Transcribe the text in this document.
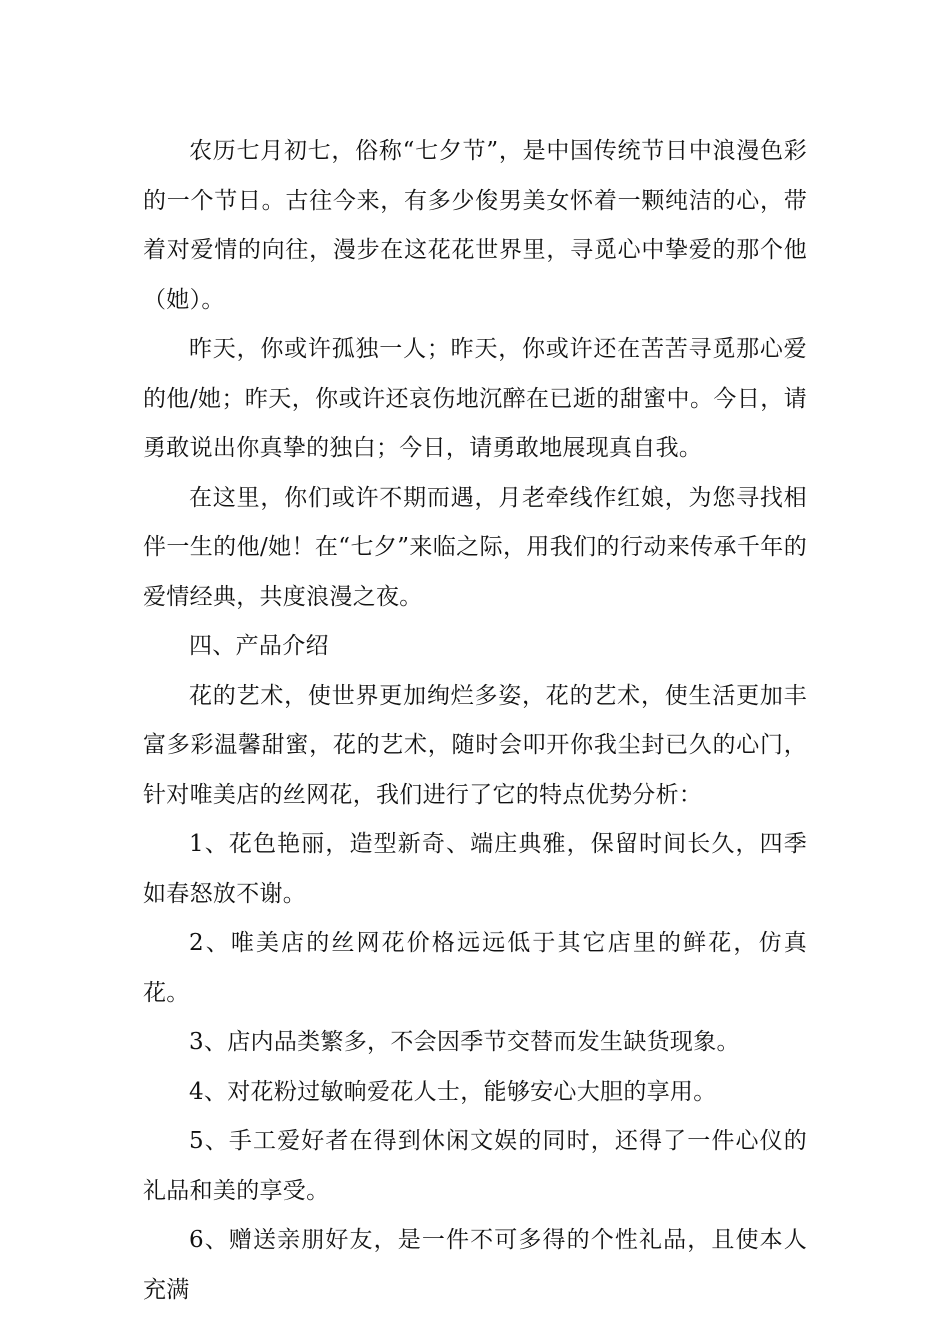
农历七月初七，俗称“七夕节”，是中国传统节日中浪漫色彩的一个节日。古往今来，有多少俊男美女怀着一颗纯洁的心，带着对爱情的向往，漫步在这花花世界里，寻觅心中挚爱的那个他（她）。

昨天，你或许孤独一人；昨天，你或许还在苦苦寻觅那心爱的他/她；昨天，你或许还哀伤地沉醉在已逝的甜蜜中。今日，请勇敢说出你真挚的独白；今日，请勇敢地展现真自我。

在这里，你们或许不期而遇，月老牵线作红娘，为您寻找相伴一生的他/她！在“七夕”来临之际，用我们的行动来传承千年的爱情经典，共度浪漫之夜。

四、产品介绍

花的艺术，使世界更加绚烂多姿，花的艺术，使生活更加丰富多彩温馨甜蜜，花的艺术，随时会叩开你我尘封已久的心门，针对唯美店的丝网花，我们进行了它的特点优势分析：

1、花色艳丽，造型新奇、端庄典雅，保留时间长久，四季如春怒放不谢。

2、唯美店的丝网花价格远远低于其它店里的鲜花，仿真花。

3、店内品类繁多，不会因季节交替而发生缺货现象。

4、对花粉过敏晌爱花人士，能够安心大胆的享用。

5、手工爱好者在得到休闲文娱的同时，还得了一件心仪的礼品和美的享受。

6、赠送亲朋好友，是一件不可多得的个性礼品，且使本人充满
